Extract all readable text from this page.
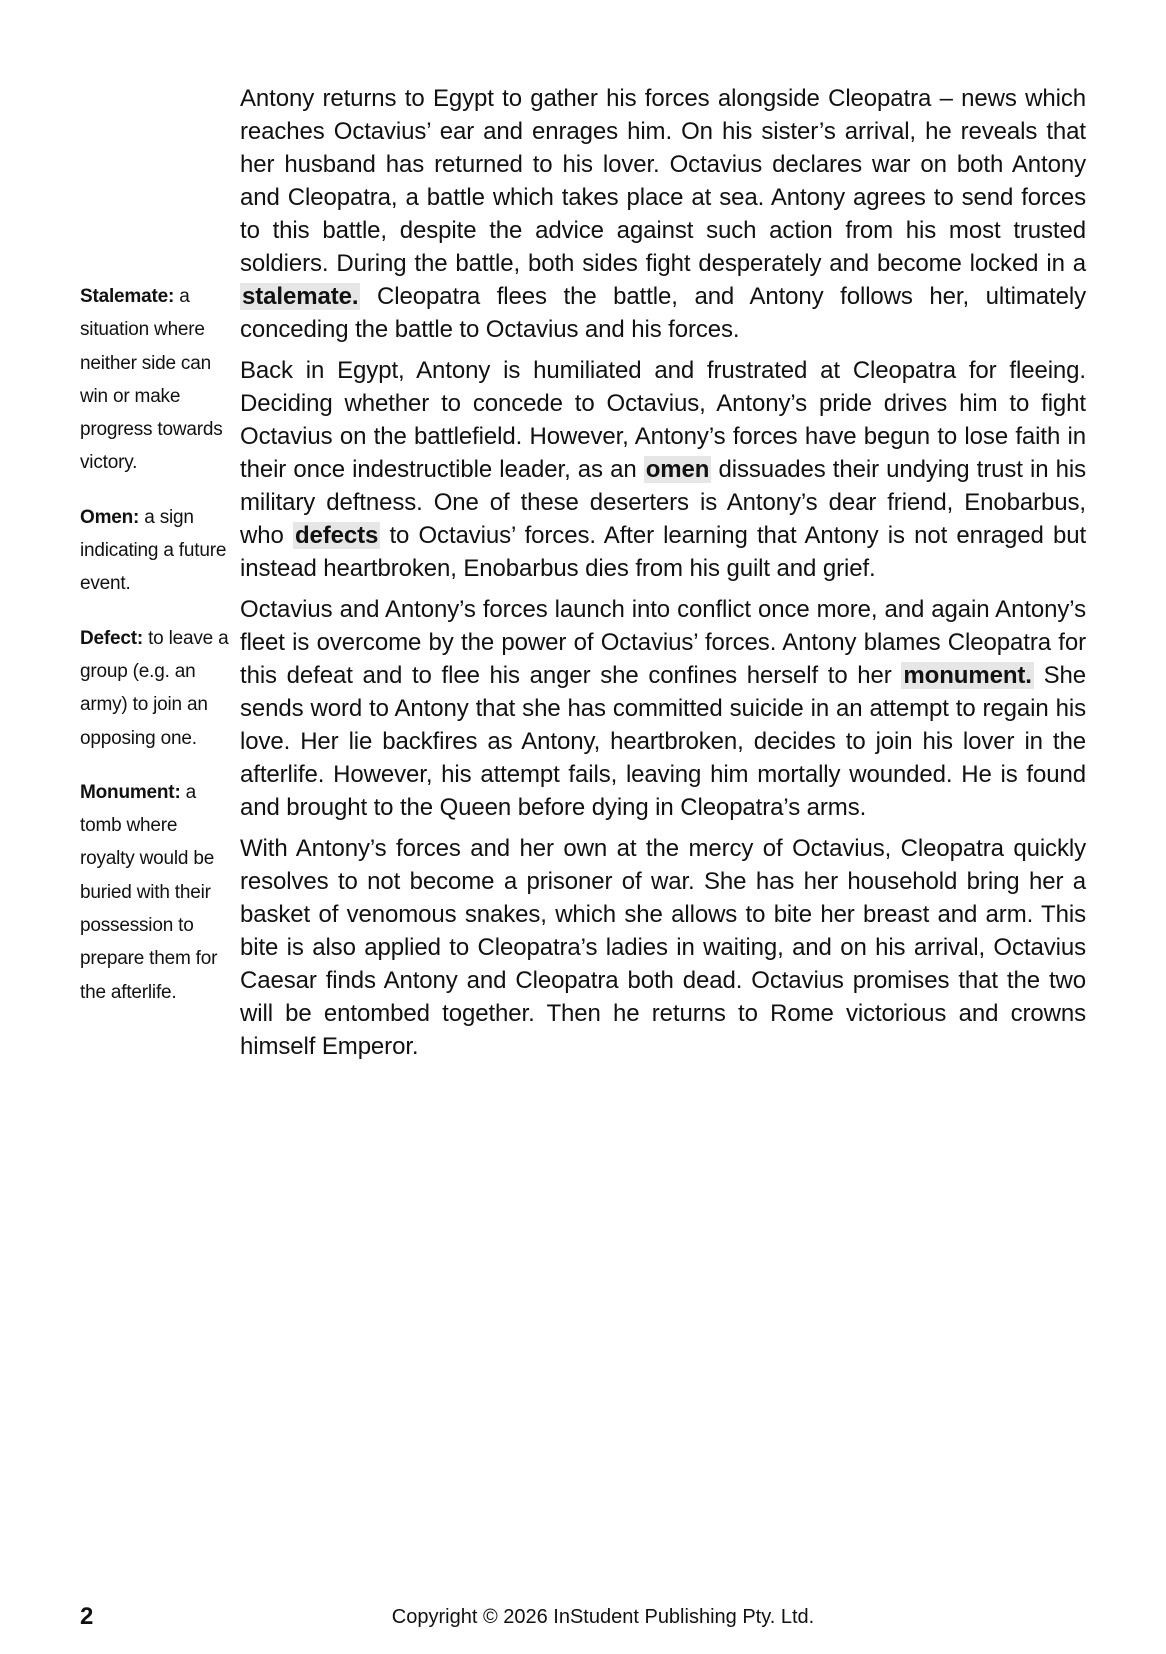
Stalemate: a situation where neither side can win or make progress towards victory.

Omen: a sign indicating a future event.

Defect: to leave a group (e.g. an army) to join an opposing one.

Monument: a tomb where royalty would be buried with their possession to prepare them for the afterlife.

Antony returns to Egypt to gather his forces alongside Cleopatra – news which reaches Octavius’ ear and enrages him. On his sister’s arrival, he reveals that her husband has returned to his lover. Octavius declares war on both Antony and Cleopatra, a battle which takes place at sea. Antony agrees to send forces to this battle, despite the advice against such action from his most trusted soldiers. During the battle, both sides fight desperately and become locked in a stalemate. Cleopatra flees the battle, and Antony follows her, ultimately conceding the battle to Octavius and his forces.

Back in Egypt, Antony is humiliated and frustrated at Cleopatra for fleeing. Deciding whether to concede to Octavius, Antony’s pride drives him to fight Octavius on the battlefield. However, Antony’s forces have begun to lose faith in their once indestructible leader, as an omen dissuades their undying trust in his military deftness. One of these deserters is Antony’s dear friend, Enobarbus, who defects to Octavius’ forces. After learning that Antony is not enraged but instead heartbroken, Enobarbus dies from his guilt and grief.

Octavius and Antony’s forces launch into conflict once more, and again Antony’s fleet is overcome by the power of Octavius’ forces. Antony blames Cleopatra for this defeat and to flee his anger she confines herself to her monument. She sends word to Antony that she has committed suicide in an attempt to regain his love. Her lie backfires as Antony, heartbroken, decides to join his lover in the afterlife. However, his attempt fails, leaving him mortally wounded. He is found and brought to the Queen before dying in Cleopatra’s arms.

With Antony’s forces and her own at the mercy of Octavius, Cleopatra quickly resolves to not become a prisoner of war. She has her household bring her a basket of venomous snakes, which she allows to bite her breast and arm. This bite is also applied to Cleopatra’s ladies in waiting, and on his arrival, Octavius Caesar finds Antony and Cleopatra both dead. Octavius promises that the two will be entombed together. Then he returns to Rome victorious and crowns himself Emperor.

2	Copyright © 2026 InStudent Publishing Pty. Ltd.
